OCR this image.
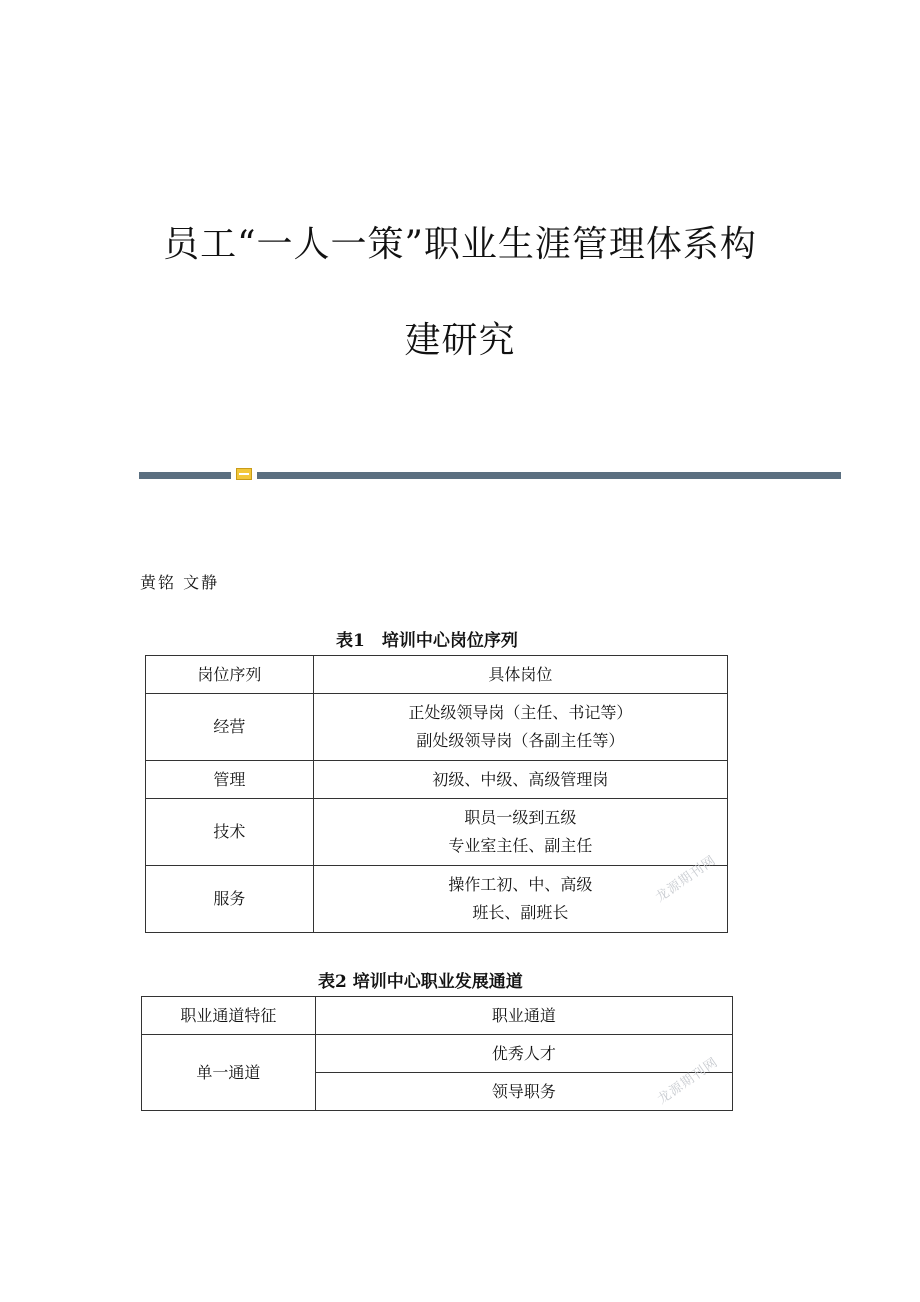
员工“一人一策”职业生涯管理体系构
建研究
黄铭 文静
表1　培训中心岗位序列
岗位序列	具体岗位
经营	正处级领导岗（主任、书记等）
副处级领导岗（各副主任等）

管理	初级、中级、高级管理岗

技术	职员一级到五级
专业室主任、副主任

服务	操作工初、中、高级
班长、副班长
表2 培训中心职业发展通道
职业通道特征	职业通道
单一通道	优秀人才
	领导职务
龙源期刊网
龙源期刊网
